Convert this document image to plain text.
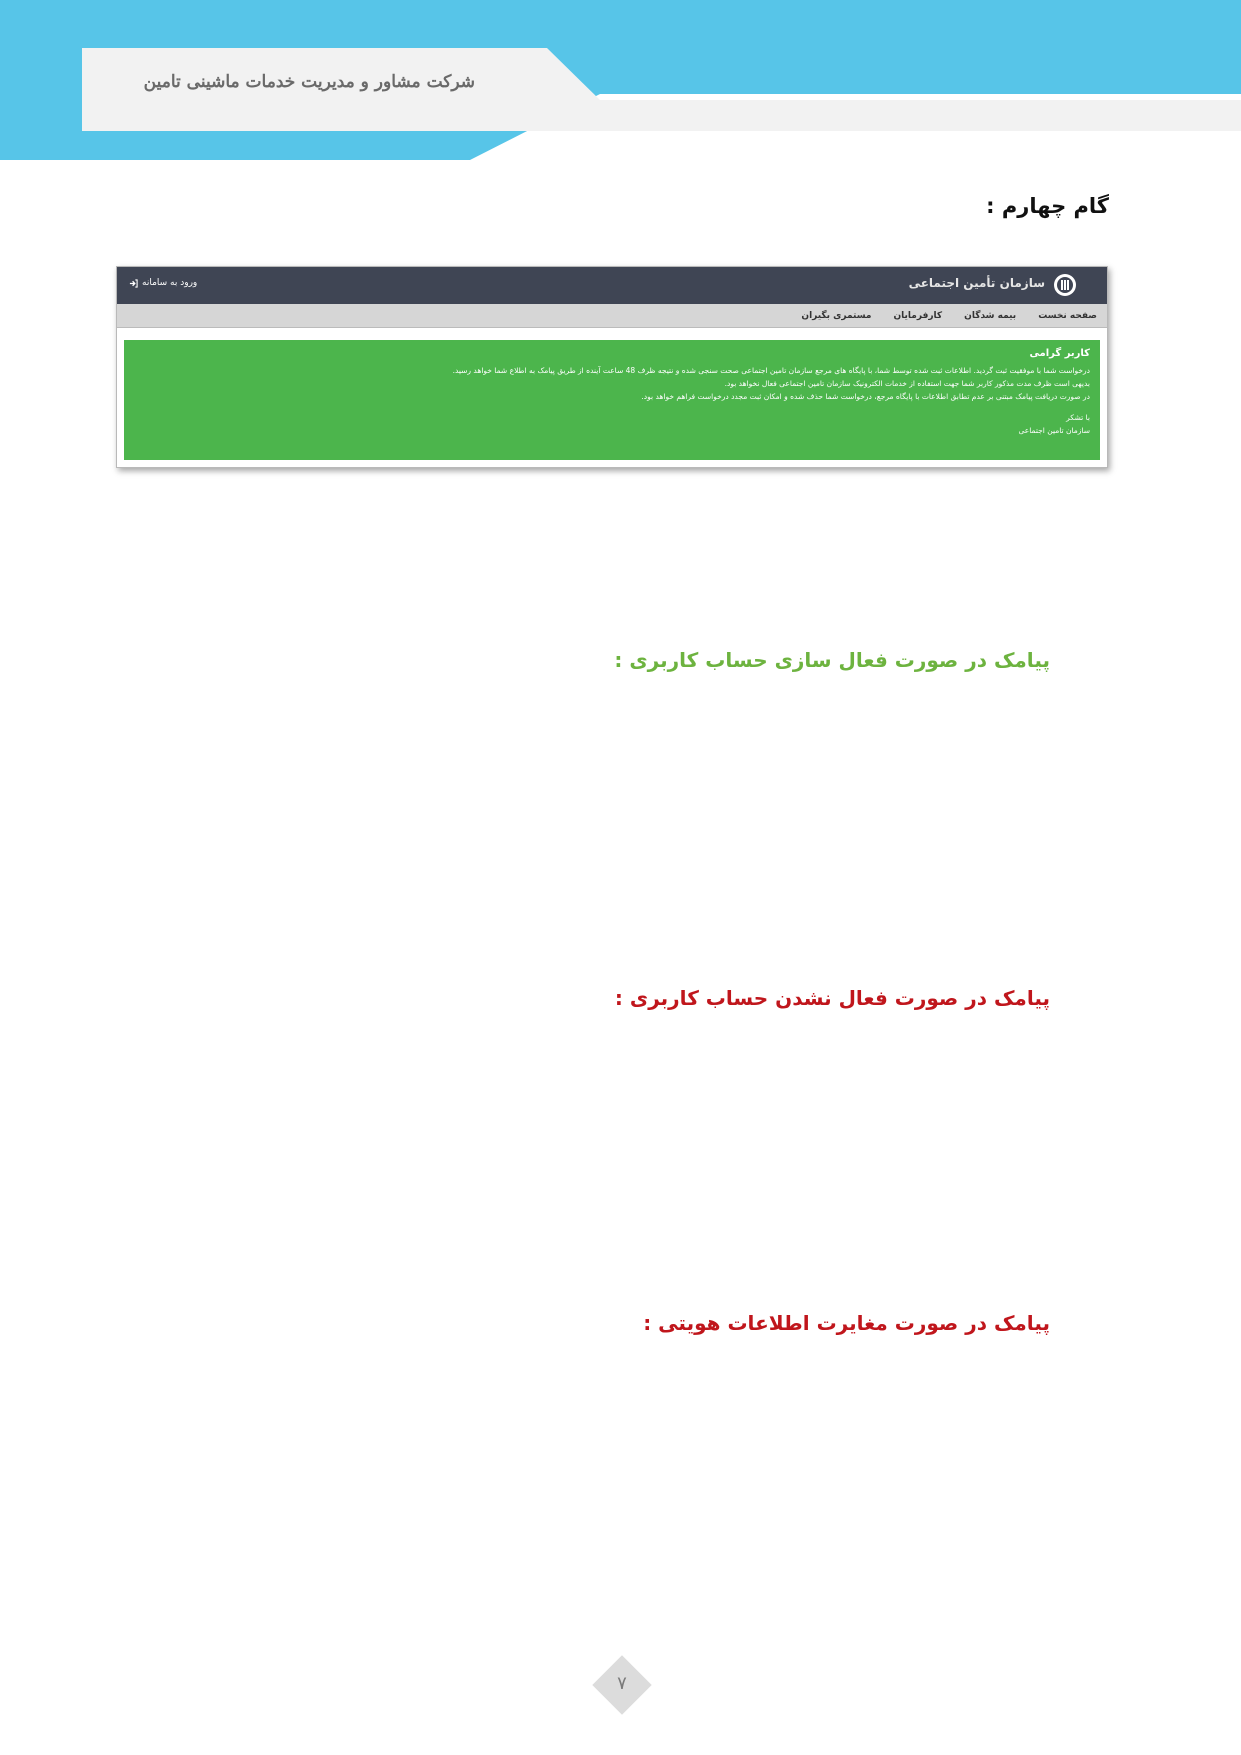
شرکت مشاور و مدیریت خدمات ماشینی تامین
گام چهارم :
سازمان تأمین اجتماعی
ورود به سامانه
صفحه نخست
بیمه شدگان
کارفرمایان
مستمری بگیران
کاربر گرامی
درخواست شما با موفقیت ثبت گردید. اطلاعات ثبت شده توسط شما، با پایگاه های مرجع سازمان تامین اجتماعی صحت سنجی شده و نتیجه ظرف 48 ساعت آینده از طریق پیامک به اطلاع شما خواهد رسید.
بدیهی است ظرف مدت مذکور کاربر شما جهت استفاده از خدمات الکترونیک سازمان تامین اجتماعی فعال نخواهد بود.
در صورت دریافت پیامک مبتنی بر عدم تطابق اطلاعات با پایگاه مرجع، درخواست شما حذف شده و امکان ثبت مجدد درخواست فراهم خواهد بود.
با تشکر
سازمان تامین اجتماعی
پیامک در صورت فعال سازی حساب کاربری :
پیامک در صورت فعال نشدن حساب کاربری :
پیامک در صورت مغایرت اطلاعات هویتی :
۷
